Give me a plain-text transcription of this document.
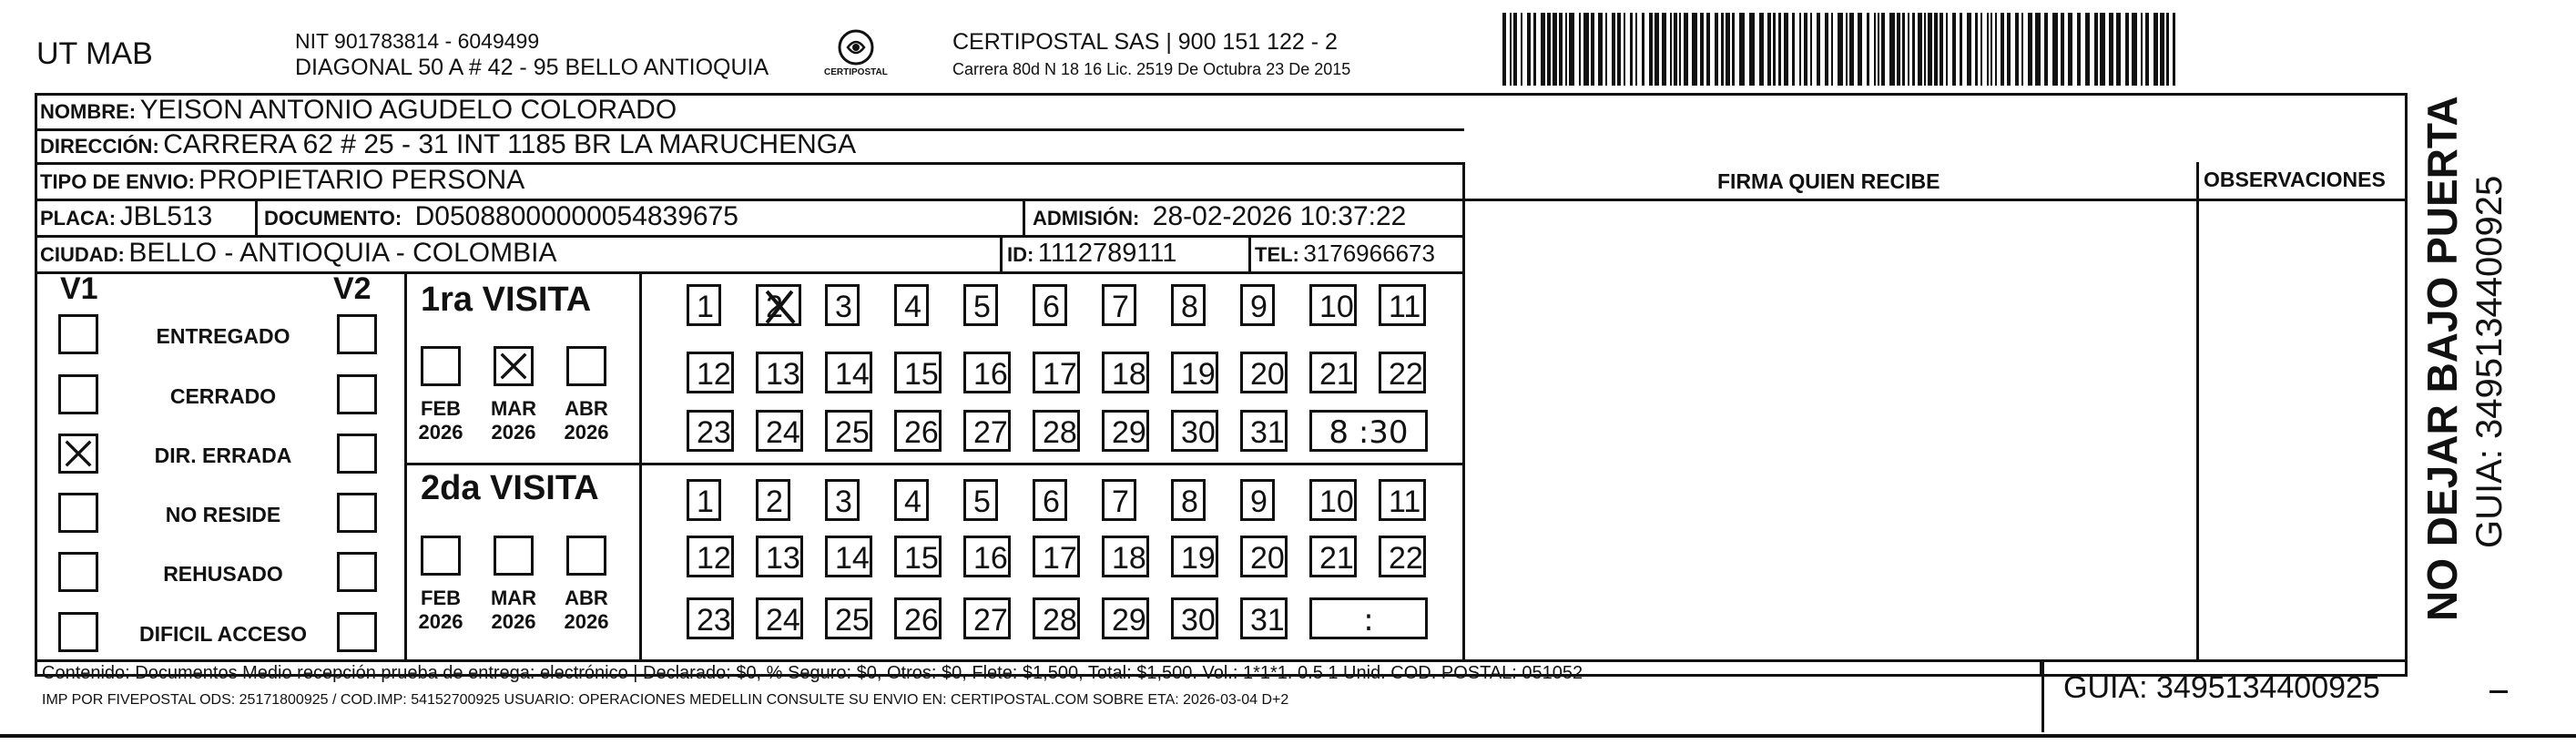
UT MAB	NIT 901783814 - 6049499
DIAGONAL 50 A # 42 - 95 BELLO ANTIOQUIA	CERTIPOSTAL
CERTIPOSTAL SAS | 900 151 122 - 2
Carrera 80d N 18 16 Lic. 2519 De Octubra 23 De 2015
NOMBRE: YEISON ANTONIO AGUDELO COLORADO
DIRECCIÓN: CARRERA 62 # 25 - 31 INT 1185 BR LA MARUCHENGA
TIPO DE ENVIO: PROPIETARIO PERSONA
PLACA: JBL513	DOCUMENTO: D05088000000054839675	ADMISIÓN: 28-02-2026 10:37:22
CIUDAD: BELLO - ANTIOQUIA - COLOMBIA	ID: 1112789111	TEL: 3176966673
FIRMA QUIEN RECIBE	OBSERVACIONES
V1	V2
ENTREGADO
CERRADO
DIR. ERRADA
NO RESIDE
REHUSADO
DIFICIL ACCESO
1ra VISITA
2da VISITA
FEB
2026
MAR
2026
ABR
2026
FEB
2026
MAR
2026
ABR
2026
1	2	3	4	5	6	7	8	9	10	11
12	13	14	15	16	17	18	19	20	21	22
23	24	25	26	27	28	29	30	31	8 :30
1	2	3	4	5	6	7	8	9	10	11
12	13	14	15	16	17	18	19	20	21	22
23	24	25	26	27	28	29	30	31	:
Contenido: Documentos Medio recepción prueba de entrega: electrónico | Declarado: $0, % Seguro: $0, Otros: $0, Flete: $1,500, Total: $1,500. Vol.: 1*1*1. 0.5 1 Unid. COD. POSTAL: 051052
IMP POR FIVEPOSTAL ODS: 25171800925 / COD.IMP: 54152700925 USUARIO: OPERACIONES MEDELLIN CONSULTE SU ENVIO EN: CERTIPOSTAL.COM SOBRE ETA: 2026-03-04 D+2	GUIA: 3495134400925
NO DEJAR BAJO PUERTA GUIA: 3495134400925
